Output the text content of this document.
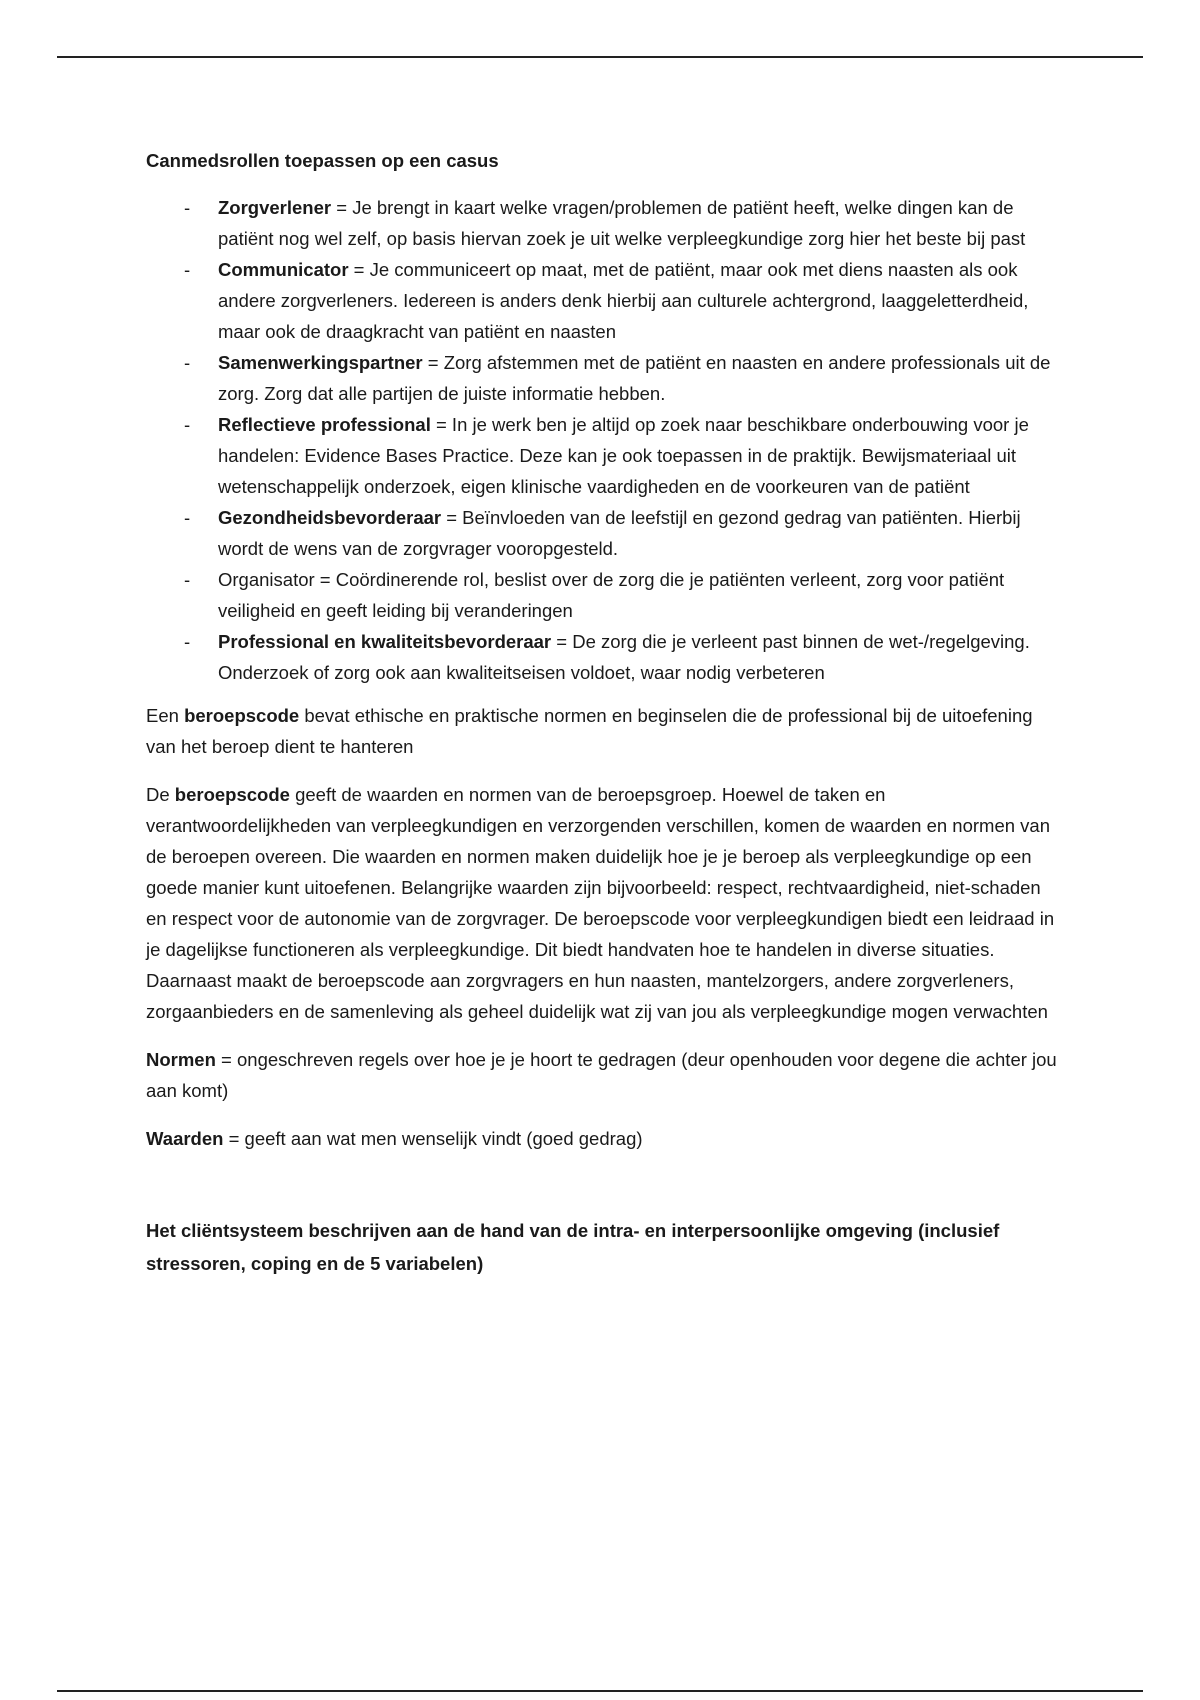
Canmedsrollen toepassen op een casus
- Zorgverlener = Je brengt in kaart welke vragen/problemen de patiënt heeft, welke dingen kan de patiënt nog wel zelf, op basis hiervan zoek je uit welke verpleegkundige zorg hier het beste bij past
- Communicator = Je communiceert op maat, met de patiënt, maar ook met diens naasten als ook andere zorgverleners. Iedereen is anders denk hierbij aan culturele achtergrond, laaggeletterdheid, maar ook de draagkracht van patiënt en naasten
- Samenwerkingspartner = Zorg afstemmen met de patiënt en naasten en andere professionals uit de zorg. Zorg dat alle partijen de juiste informatie hebben.
- Reflectieve professional = In je werk ben je altijd op zoek naar beschikbare onderbouwing voor je handelen: Evidence Bases Practice. Deze kan je ook toepassen in de praktijk. Bewijsmateriaal uit wetenschappelijk onderzoek, eigen klinische vaardigheden en de voorkeuren van de patiënt
- Gezondheidsbevorderaar = Beïnvloeden van de leefstijl en gezond gedrag van patiënten. Hierbij wordt de wens van de zorgvrager vooropgesteld.
- Organisator = Coördinerende rol, beslist over de zorg die je patiënten verleent, zorg voor patiënt veiligheid en geeft leiding bij veranderingen
- Professional en kwaliteitsbevorderaar = De zorg die je verleent past binnen de wet-/regelgeving. Onderzoek of zorg ook aan kwaliteitseisen voldoet, waar nodig verbeteren

Een beroepscode bevat ethische en praktische normen en beginselen die de professional bij de uitoefening van het beroep dient te hanteren

De beroepscode geeft de waarden en normen van de beroepsgroep. Hoewel de taken en verantwoordelijkheden van verpleegkundigen en verzorgenden verschillen, komen de waarden en normen van de beroepen overeen. Die waarden en normen maken duidelijk hoe je je beroep als verpleegkundige op een goede manier kunt uitoefenen. Belangrijke waarden zijn bijvoorbeeld: respect, rechtvaardigheid, niet-schaden en respect voor de autonomie van de zorgvrager. De beroepscode voor verpleegkundigen biedt een leidraad in je dagelijkse functioneren als verpleegkundige. Dit biedt handvaten hoe te handelen in diverse situaties. Daarnaast maakt de beroepscode aan zorgvragers en hun naasten, mantelzorgers, andere zorgverleners, zorgaanbieders en de samenleving als geheel duidelijk wat zij van jou als verpleegkundige mogen verwachten

Normen = ongeschreven regels over hoe je je hoort te gedragen (deur openhouden voor degene die achter jou aan komt)

Waarden = geeft aan wat men wenselijk vindt (goed gedrag)

Het cliëntsysteem beschrijven aan de hand van de intra- en interpersoonlijke omgeving (inclusief stressoren, coping en de 5 variabelen)
